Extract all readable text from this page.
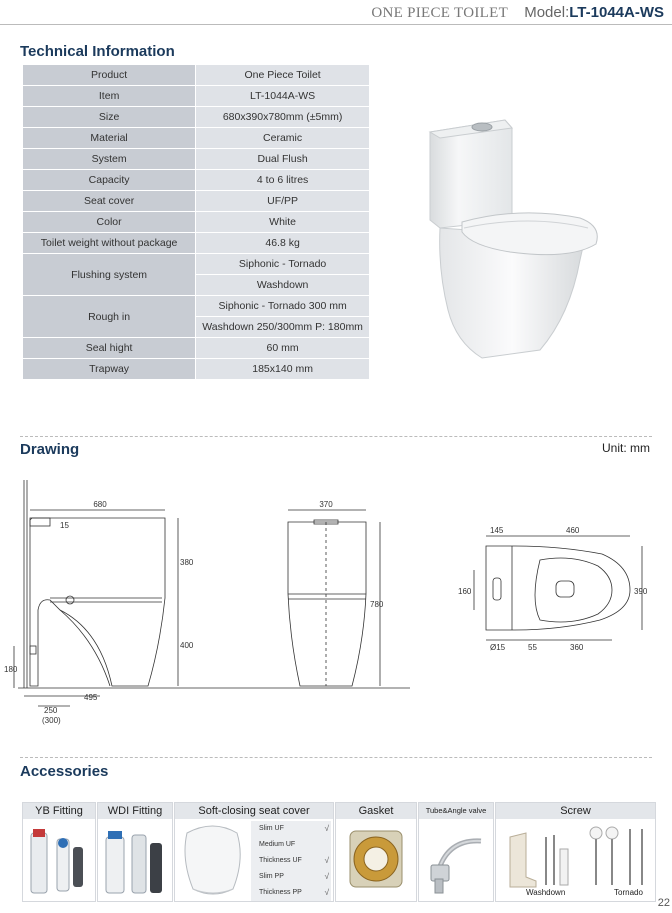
ONE PIECE TOILET Model:LT-1044A-WS
Technical Information
Product	One Piece Toilet
Item	LT-1044A-WS
Size	680x390x780mm (±5mm)
Material	Ceramic
System	Dual Flush
Capacity	4 to 6 litres
Seat cover	UF/PP
Color	White
Toilet weight without package	46.8 kg
Flushing system	Siphonic - Tornado
	Washdown
Rough in	Siphonic - Tornado 300 mm
	Washdown 250/300mm P: 180mm
Seal hight	60 mm
Trapway	185x140 mm
Drawing	Unit: mm
680
15
380
400
180
495
250
(300)
370
780
145	460
160	390
Ø15	55	360
Accessories
YB Fitting	WDI Fitting	Soft-closing seat cover
Slim UF	√
Medium UF
Thickness UF	√
Slim PP	√
Thickness PP	√
Gasket	Tube&Angle valve	Screw
Washdown	Tornado
22
